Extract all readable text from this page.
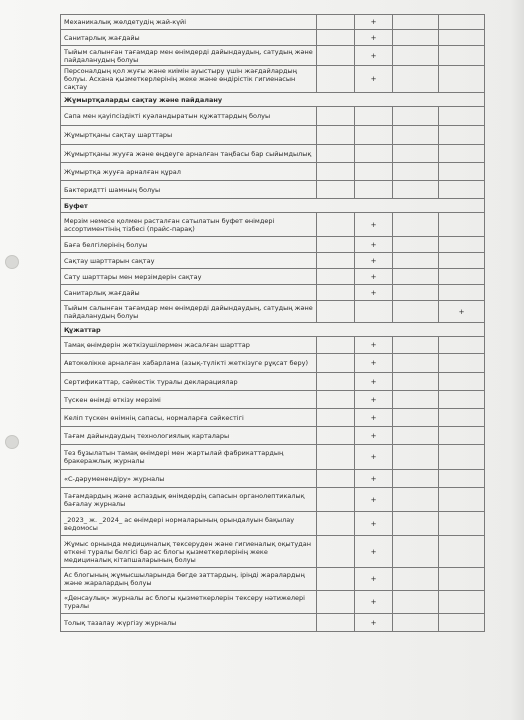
Механикалық жөлдетудің жай-күйі		+		
Санитарлық жағдайы		+		
Тыйым салынған тағамдар мен өнімдерді дайындаудың, сатудың және пайдаланудың болуы		+		
Персоналдың қол жуғы және киімін ауыстыру үшін жағдайлардың болуы. Асхана қызметкерлерінің жеке және өндірістік гигиенасын сақтау		+		
Жұмыртқаларды сақтау және пайдалану				
Сапа мен қауіпсіздікті куәландыратын құжаттардың болуы				
Жұмыртқаны сақтау шарттары				
Жұмыртқаны жууға және өңдеуге арналған таңбасы бар сыйымдылық				
Жұмыртқа жууға арналған құрал				
Бактеридтті шамның болуы				
Буфет				
Мерзім немесе қолмен расталған сатылатын буфет өнімдері ассортиментінің тізбесі (прайс-парақ)		+		
Баға белгілерінің болуы		+		
Сақтау шарттарын сақтау		+		
Сату шарттары мен мерзімдерін сақтау		+		
Санитарлық жағдайы		+		
Тыйым салынған тағамдар мен өнімдерді дайындаудың, сатудың және пайдаланудың болуы				+
Құжаттар				
Тамақ өнімдерін жеткізушілермен жасалған шарттар		+		
Автокөлікке арналған хабарлама (азық-түлікті жеткізуге рұқсат беру)		+		
Сертификаттар, сәйкестік туралы декларациялар		+		
Түскен өнімді өткізу мерзімі		+		
Келіп түскен өнімнің сапасы, нормаларға сәйкестігі		+		
Тағам дайындаудың технологиялық карталары		+		
Тез бұзылатын тамақ өнімдері мен жартылай фабрикаттардың бракеражлық журналы		+		
«С-дәруменендіру» журналы		+		
Тағамдардың және аспаздық өнімдердің сапасын органолептикалық бағалау журналы		+		
_2023_ ж. _2024_ ас өнімдері нормаларының орындалуын бақылау ведомосы		+		
Жұмыс орнында медициналық тексеруден және гигиеналық оқытудан өткені туралы белгісі бар ас блогы қызметкерлерінің жеке медициналық кітапшаларының болуы		+		
Ас блогының жұмысшыларында бөгде заттардың, іріңді жаралардың және жаралардың болуы		+		
«Денсаулық» журналы ас блогы қызметкерлерін тексеру нәтижелері туралы		+		
Толық тазалау жүргізу журналы		+		
